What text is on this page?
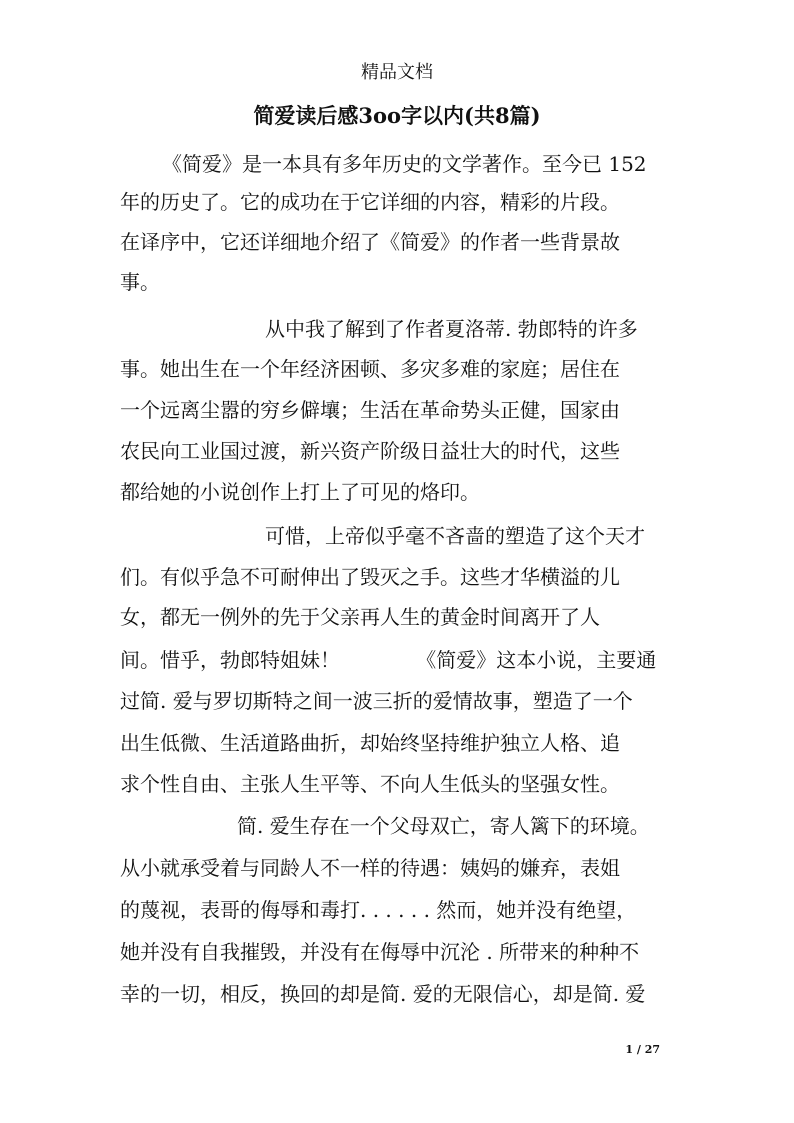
精品文档
简爱读后感3oo字以内(共8篇)
《简爱》是一本具有多年历史的文学著作。至今已 152
年的历史了。它的成功在于它详细的内容，精彩的片段。
在译序中，它还详细地介绍了《简爱》的作者一些背景故
事。
从中我了解到了作者夏洛蒂. 勃郎特的许多
事。她出生在一个年经济困顿、多灾多难的家庭；居住在
一个远离尘嚣的穷乡僻壤；生活在革命势头正健，国家由
农民向工业国过渡，新兴资产阶级日益壮大的时代，这些
都给她的小说创作上打上了可见的烙印。
可惜，上帝似乎毫不吝啬的塑造了这个天才
们。有似乎急不可耐伸出了毁灭之手。这些才华横溢的儿
女，都无一例外的先于父亲再人生的黄金时间离开了人
间。惜乎，勃郎特姐妹！            《简爱》这本小说，主要通
过简. 爱与罗切斯特之间一波三折的爱情故事，塑造了一个
出生低微、生活道路曲折，却始终坚持维护独立人格、追
求个性自由、主张人生平等、不向人生低头的坚强女性。
简. 爱生存在一个父母双亡，寄人篱下的环境。
从小就承受着与同龄人不一样的待遇：姨妈的嫌弃，表姐
的蔑视，表哥的侮辱和毒打. . . . . . 然而，她并没有绝望，
她并没有自我摧毁，并没有在侮辱中沉沦 . 所带来的种种不
幸的一切，相反，换回的却是简. 爱的无限信心，却是简. 爱
1 / 27
